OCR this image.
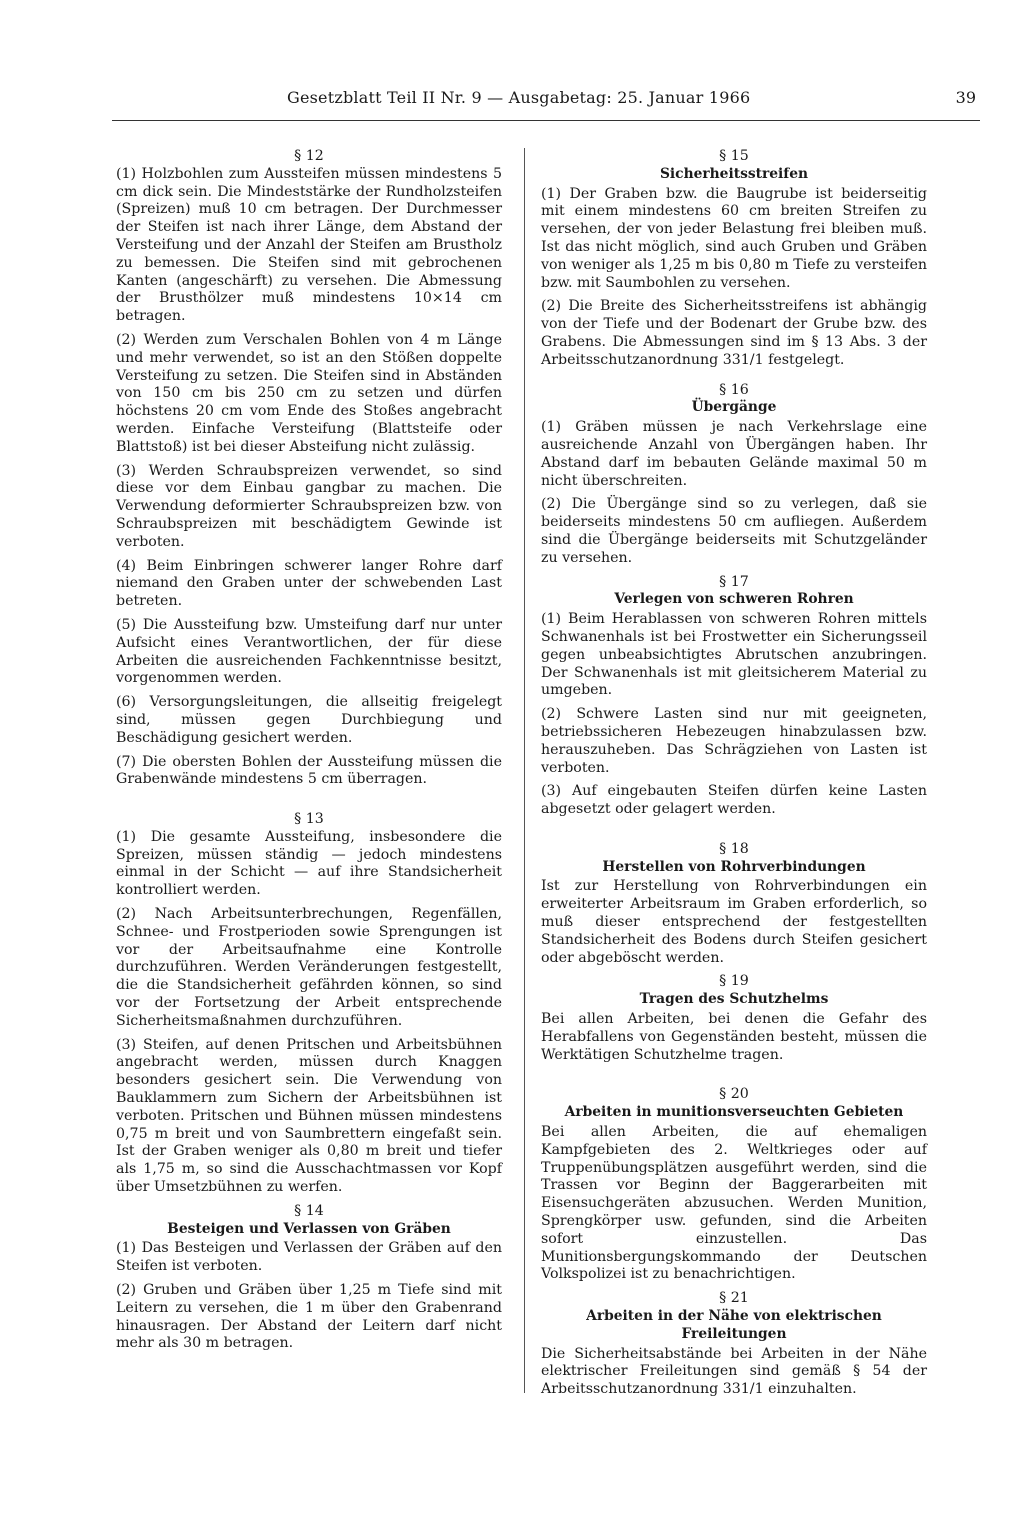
Gesetzblatt Teil II Nr. 9 — Ausgabetag: 25. Januar 1966	39

§ 12

(1) Holzbohlen zum Aussteifen müssen mindestens 5 cm dick sein. Die Mindeststärke der Rundholzsteifen (Spreizen) muß 10 cm betragen. Der Durchmesser der Steifen ist nach ihrer Länge, dem Abstand der Versteifung und der Anzahl der Steifen am Brustholz zu bemessen. Die Steifen sind mit gebrochenen Kanten (angeschärft) zu versehen. Die Abmessung der Brusthölzer muß mindestens 10×14 cm betragen.

(2) Werden zum Verschalen Bohlen von 4 m Länge und mehr verwendet, so ist an den Stößen doppelte Versteifung zu setzen. Die Steifen sind in Abständen von 150 cm bis 250 cm zu setzen und dürfen höchstens 20 cm vom Ende des Stoßes angebracht werden. Einfache Versteifung (Blattsteife oder Blattstoß) ist bei dieser Absteifung nicht zulässig.

(3) Werden Schraubspreizen verwendet, so sind diese vor dem Einbau gangbar zu machen. Die Verwendung deformierter Schraubspreizen bzw. von Schraubspreizen mit beschädigtem Gewinde ist verboten.

(4) Beim Einbringen schwerer langer Rohre darf niemand den Graben unter der schwebenden Last betreten.

(5) Die Aussteifung bzw. Umsteifung darf nur unter Aufsicht eines Verantwortlichen, der für diese Arbeiten die ausreichenden Fachkenntnisse besitzt, vorgenommen werden.

(6) Versorgungsleitungen, die allseitig freigelegt sind, müssen gegen Durchbiegung und Beschädigung gesichert werden.

(7) Die obersten Bohlen der Aussteifung müssen die Grabenwände mindestens 5 cm überragen.

§ 13

(1) Die gesamte Aussteifung, insbesondere die Spreizen, müssen ständig — jedoch mindestens einmal in der Schicht — auf ihre Standsicherheit kontrolliert werden.

(2) Nach Arbeitsunterbrechungen, Regenfällen, Schnee- und Frostperioden sowie Sprengungen ist vor der Arbeitsaufnahme eine Kontrolle durchzuführen. Werden Veränderungen festgestellt, die die Standsicherheit gefährden können, so sind vor der Fortsetzung der Arbeit entsprechende Sicherheitsmaßnahmen durchzuführen.

(3) Steifen, auf denen Pritschen und Arbeitsbühnen angebracht werden, müssen durch Knaggen besonders gesichert sein. Die Verwendung von Bauklammern zum Sichern der Arbeitsbühnen ist verboten. Pritschen und Bühnen müssen mindestens 0,75 m breit und von Saumbrettern eingefaßt sein. Ist der Graben weniger als 0,80 m breit und tiefer als 1,75 m, so sind die Ausschachtmassen vor Kopf über Umsetzbühnen zu werfen.

§ 14

Besteigen und Verlassen von Gräben

(1) Das Besteigen und Verlassen der Gräben auf den Steifen ist verboten.

(2) Gruben und Gräben über 1,25 m Tiefe sind mit Leitern zu versehen, die 1 m über den Grabenrand hinausragen. Der Abstand der Leitern darf nicht mehr als 30 m betragen.

§ 15

Sicherheitsstreifen

(1) Der Graben bzw. die Baugrube ist beiderseitig mit einem mindestens 60 cm breiten Streifen zu versehen, der von jeder Belastung frei bleiben muß. Ist das nicht möglich, sind auch Gruben und Gräben von weniger als 1,25 m bis 0,80 m Tiefe zu versteifen bzw. mit Saumbohlen zu versehen.

(2) Die Breite des Sicherheitsstreifens ist abhängig von der Tiefe und der Bodenart der Grube bzw. des Grabens. Die Abmessungen sind im § 13 Abs. 3 der Arbeitsschutzanordnung 331/1 festgelegt.

§ 16

Übergänge

(1) Gräben müssen je nach Verkehrslage eine ausreichende Anzahl von Übergängen haben. Ihr Abstand darf im bebauten Gelände maximal 50 m nicht überschreiten.

(2) Die Übergänge sind so zu verlegen, daß sie beiderseits mindestens 50 cm aufliegen. Außerdem sind die Übergänge beiderseits mit Schutzgeländer zu versehen.

§ 17

Verlegen von schweren Rohren

(1) Beim Herablassen von schweren Rohren mittels Schwanenhals ist bei Frostwetter ein Sicherungsseil gegen unbeabsichtigtes Abrutschen anzubringen. Der Schwanenhals ist mit gleitsicherem Material zu umgeben.

(2) Schwere Lasten sind nur mit geeigneten, betriebssicheren Hebezeugen hinabzulassen bzw. herauszuheben. Das Schrägziehen von Lasten ist verboten.

(3) Auf eingebauten Steifen dürfen keine Lasten abgesetzt oder gelagert werden.

§ 18

Herstellen von Rohrverbindungen

Ist zur Herstellung von Rohrverbindungen ein erweiterter Arbeitsraum im Graben erforderlich, so muß dieser entsprechend der festgestellten Standsicherheit des Bodens durch Steifen gesichert oder abgeböscht werden.

§ 19

Tragen des Schutzhelms

Bei allen Arbeiten, bei denen die Gefahr des Herabfallens von Gegenständen besteht, müssen die Werktätigen Schutzhelme tragen.

§ 20

Arbeiten in munitionsverseuchten Gebieten

Bei allen Arbeiten, die auf ehemaligen Kampfgebieten des 2. Weltkrieges oder auf Truppenübungsplätzen ausgeführt werden, sind die Trassen vor Beginn der Baggerarbeiten mit Eisensuchgeräten abzusuchen. Werden Munition, Sprengkörper usw. gefunden, sind die Arbeiten sofort einzustellen. Das Munitionsbergungskommando der Deutschen Volkspolizei ist zu benachrichtigen.

§ 21

Arbeiten in der Nähe von elektrischen Freileitungen

Die Sicherheitsabstände bei Arbeiten in der Nähe elektrischer Freileitungen sind gemäß § 54 der Arbeitsschutzanordnung 331/1 einzuhalten.
